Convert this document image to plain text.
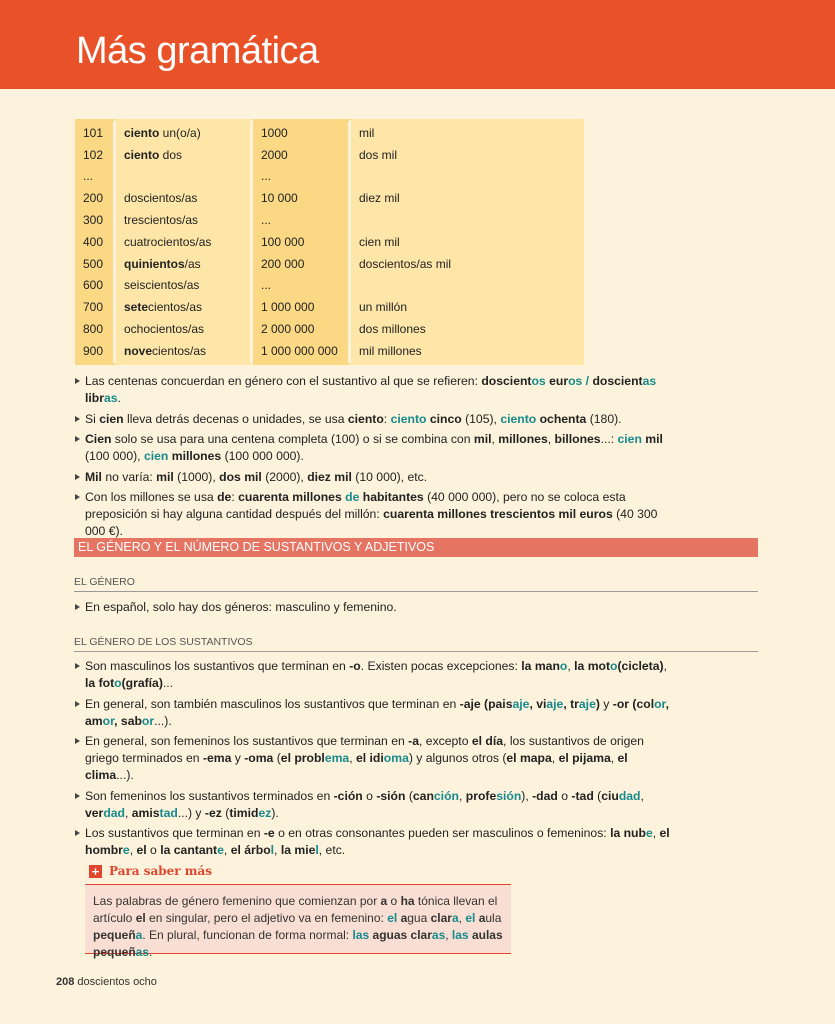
Más gramática
101	ciento un(o/a)	1000	mil
102	ciento dos	2000	dos mil
...		...	
200	doscientos/as	10 000	diez mil
300	trescientos/as	...	
400	cuatrocientos/as	100 000	cien mil
500	quinientos/as	200 000	doscientos/as mil
600	seiscientos/as	...	
700	setecientos/as	1 000 000	un millón
800	ochocientos/as	2 000 000	dos millones
900	novecientos/as	1 000 000 000	mil millones
Las centenas concuerdan en género con el sustantivo al que se refieren: doscientos euros / doscientas libras.
Si cien lleva detrás decenas o unidades, se usa ciento: ciento cinco (105), ciento ochenta (180).
Cien solo se usa para una centena completa (100) o si se combina con mil, millones, billones...: cien mil (100 000), cien millones (100 000 000).
Mil no varía: mil (1000), dos mil (2000), diez mil (10 000), etc.
Con los millones se usa de: cuarenta millones de habitantes (40 000 000), pero no se coloca esta preposición si hay alguna cantidad después del millón: cuarenta millones trescientos mil euros (40 300 000 €).
EL GÉNERO Y EL NÚMERO DE SUSTANTIVOS Y ADJETIVOS
EL GÉNERO
En español, solo hay dos géneros: masculino y femenino.
EL GÉNERO DE LOS SUSTANTIVOS
Son masculinos los sustantivos que terminan en -o. Existen pocas excepciones: la mano, la moto(cicleta), la foto(grafía)...
En general, son también masculinos los sustantivos que terminan en -aje (paisaje, viaje, traje) y -or (color, amor, sabor...).
En general, son femeninos los sustantivos que terminan en -a, excepto el día, los sustantivos de origen griego terminados en -ema y -oma (el problema, el idioma) y algunos otros (el mapa, el pijama, el clima...).
Son femeninos los sustantivos terminados en -ción o -sión (canción, profesión), -dad o -tad (ciudad, verdad, amistad...) y -ez (timidez).
Los sustantivos que terminan en -e o en otras consonantes pueden ser masculinos o femeninos: la nube, el hombre, el o la cantante, el árbol, la miel, etc.
+ Para saber más
Las palabras de género femenino que comienzan por a o ha tónica llevan el artículo el en singular, pero el adjetivo va en femenino: el agua clara, el aula pequeña. En plural, funcionan de forma normal: las aguas claras, las aulas pequeñas.
208 doscientos ocho
